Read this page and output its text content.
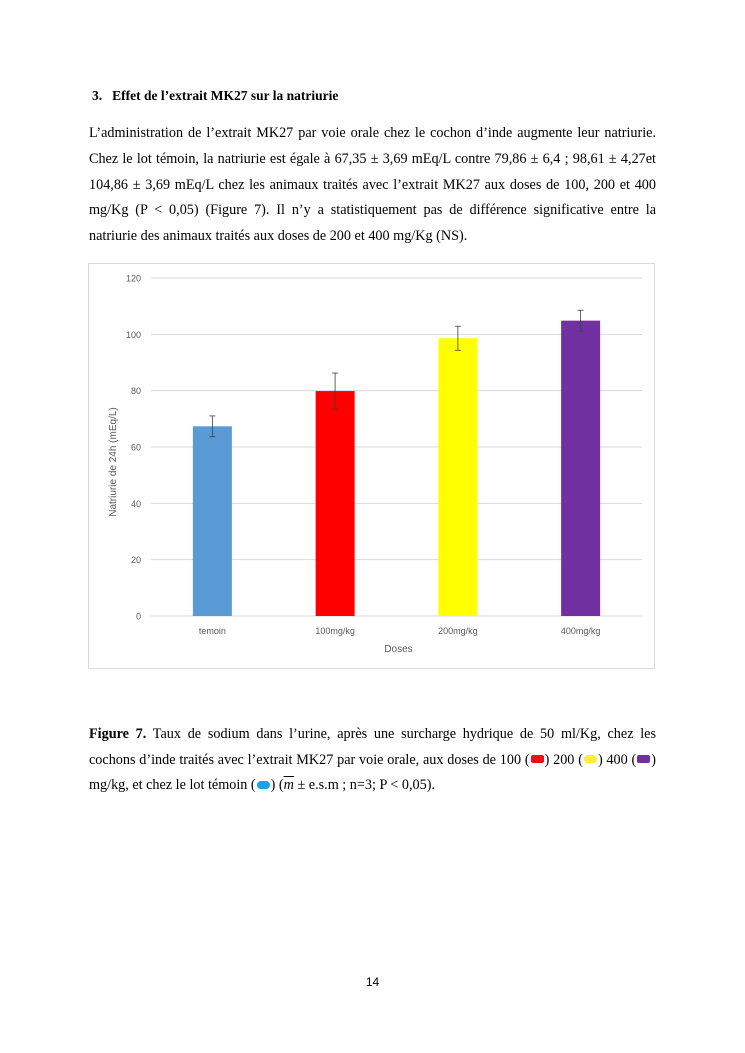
3. Effet de l’extrait MK27 sur la natriurie
L’administration de l’extrait MK27 par voie orale chez le cochon d’inde augmente leur natriurie. Chez le lot témoin, la natriurie est égale à 67,35 ± 3,69 mEq/L contre 79,86 ± 6,4 ; 98,61 ± 4,27et 104,86 ± 3,69 mEq/L chez les animaux traités avec l’extrait MK27 aux doses de 100, 200 et 400 mg/Kg (P < 0,05) (Figure 7). Il n’y a statistiquement pas de différence significative entre la natriurie des animaux traités aux doses de 200 et 400 mg/Kg (NS).
0
20
40
60
80
100
120
temoin	100mg/kg	200mg/kg	400mg/kg
Doses
Natriurie de 24h (mEq/L)
Figure 7. Taux de sodium dans l’urine, après une surcharge hydrique de 50 ml/Kg, chez les cochons d’inde traités avec l’extrait MK27 par voie orale, aux doses de 100 ( ) 200 ( ) 400 ( ) mg/kg, et chez le lot témoin ( ) ($\overline{m} \pm e.s.m$ ; n=3; P < 0,05).
14
